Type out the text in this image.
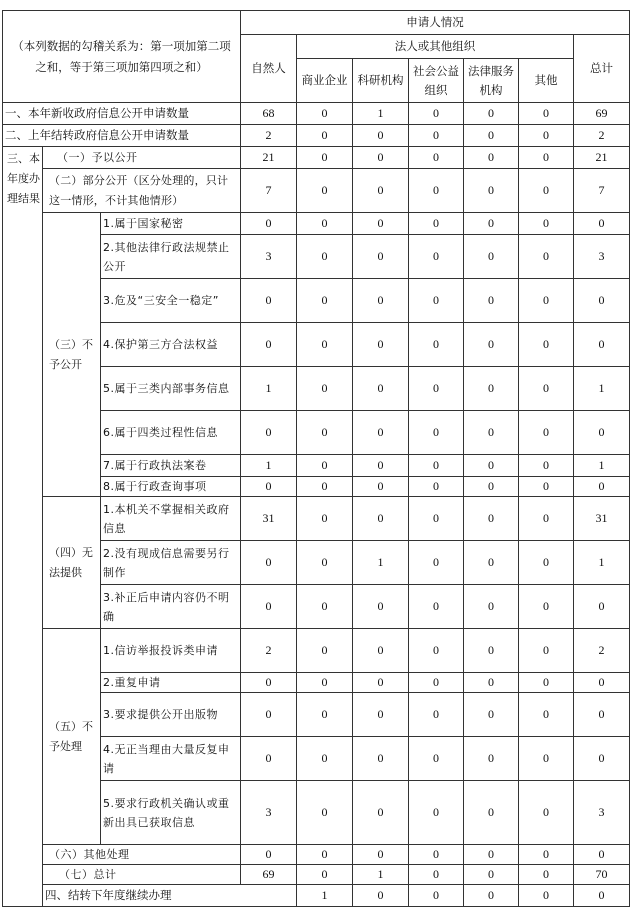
（本列数据的勾稽关系为：第一项加第二项之和，等于第三项加第四项之和）			申请人情况							
			自然人	法人或其他组织					总计	
				商业企业	科研机构	社会公益组织	法律服务机构	其他		
一、本年新收政府信息公开申请数量			68	0	1	0	0	0	69	
二、上年结转政府信息公开申请数量			2	0	0	0	0	0	2	
三、本年度办理结果	（一）予以公开		21	0	0	0	0	0	21	
	（二）部分公开（区分处理的，只计这一情形，不计其他情形）		7	0	0	0	0	0	7	
	（三）不予公开	1.属于国家秘密	0	0	0	0	0	0	0	
		2.其他法律行政法规禁止公开	3	0	0	0	0	0	3	
		3.危及“三安全一稳定”	0	0	0	0	0	0	0	
		4.保护第三方合法权益	0	0	0	0	0	0	0	
		5.属于三类内部事务信息	1	0	0	0	0	0	1	
		6.属于四类过程性信息	0	0	0	0	0	0	0	
		7.属于行政执法案卷	1	0	0	0	0	0	1	
		8.属于行政查询事项	0	0	0	0	0	0	0	
	（四）无法提供	1.本机关不掌握相关政府信息	31	0	0	0	0	0	31	
		2.没有现成信息需要另行制作	0	0	1	0	0	0	1	
		3.补正后申请内容仍不明确	0	0	0	0	0	0	0	
	（五）不予处理	1.信访举报投诉类申请	2	0	0	0	0	0	2	
		2.重复申请	0	0	0	0	0	0	0	
		3.要求提供公开出版物	0	0	0	0	0	0	0	
		4.无正当理由大量反复申请	0	0	0	0	0	0	0	
		5.要求行政机关确认或重新出具已获取信息	3	0	0	0	0	0	3	
	（六）其他处理		0	0	0	0	0	0	0	
	（七）总计		69	0	1	0	0	0	70	
	四、结转下年度继续办理			1	0	0	0	0	0	
